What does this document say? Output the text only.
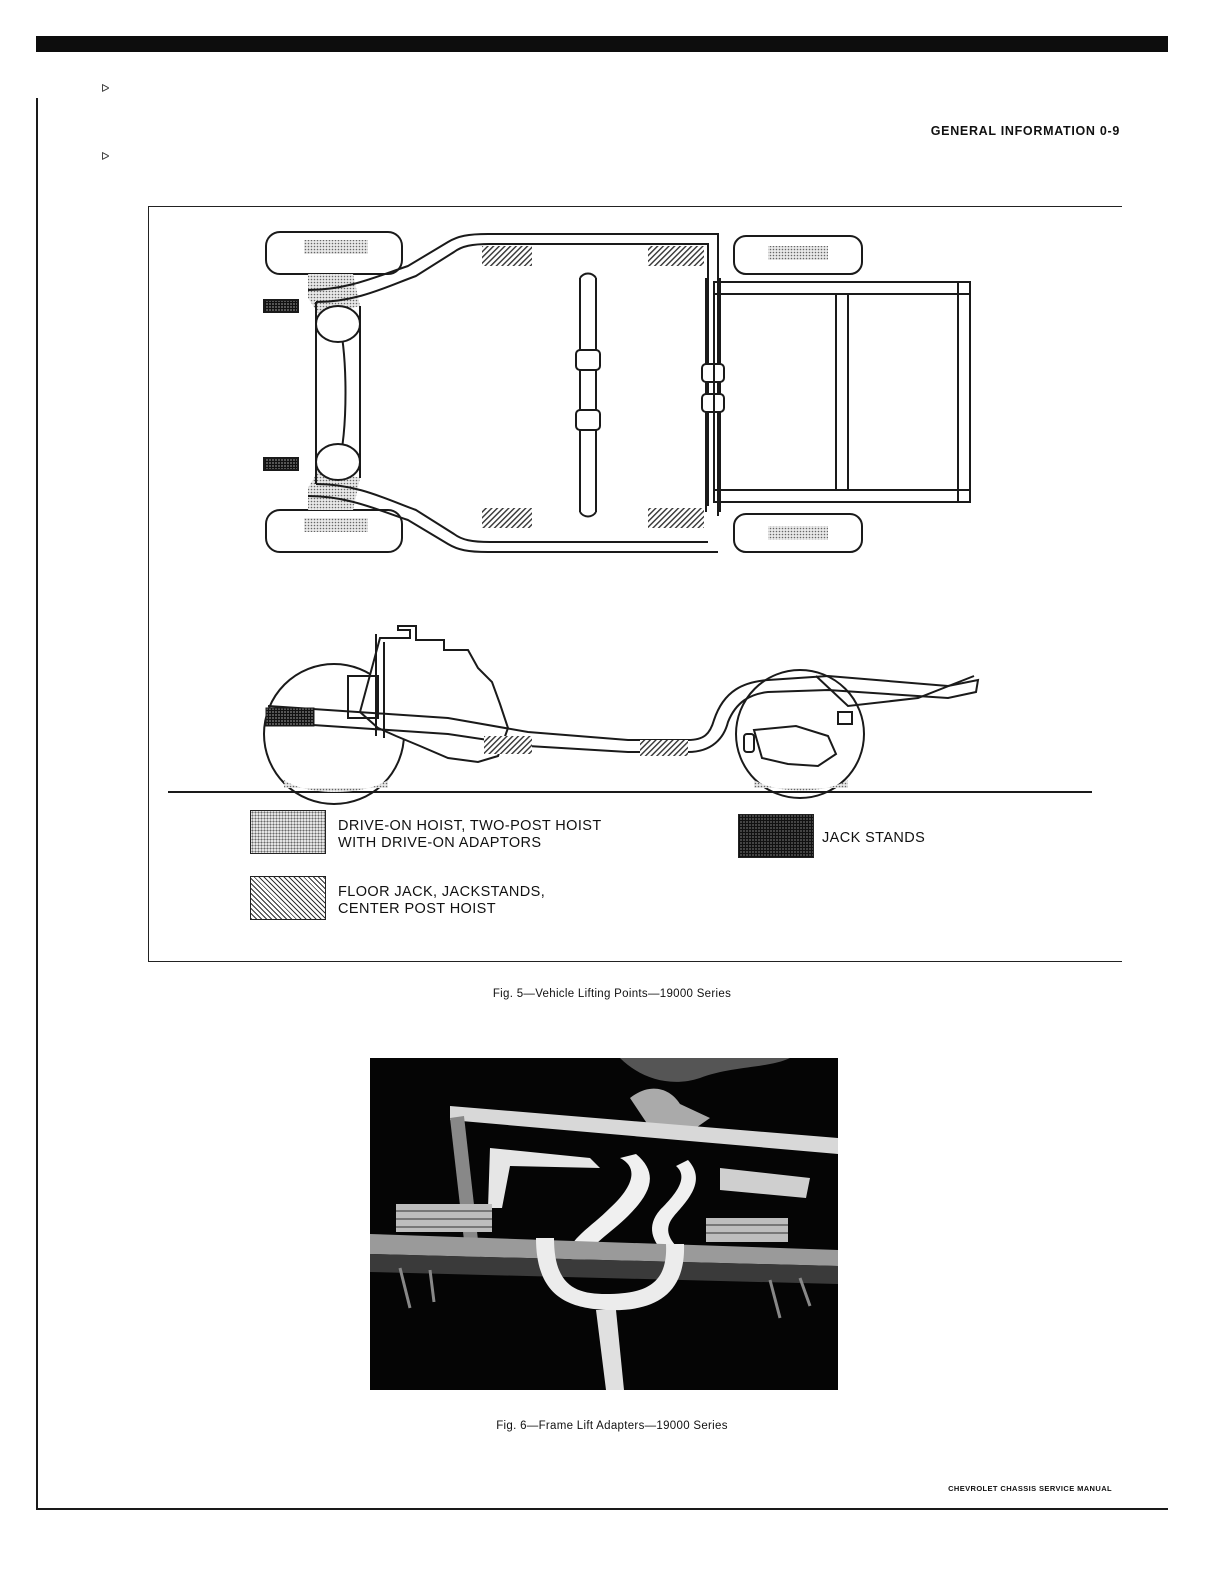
ᐅ
ᐅ
GENERAL INFORMATION 0-9
DRIVE-ON HOIST, TWO-POST HOIST
WITH DRIVE-ON ADAPTORS	JACK STANDS
FLOOR JACK, JACKSTANDS,
CENTER POST HOIST
Fig. 5—Vehicle Lifting Points—19000 Series
Fig. 6—Frame Lift Adapters—19000 Series
CHEVROLET CHASSIS SERVICE MANUAL
